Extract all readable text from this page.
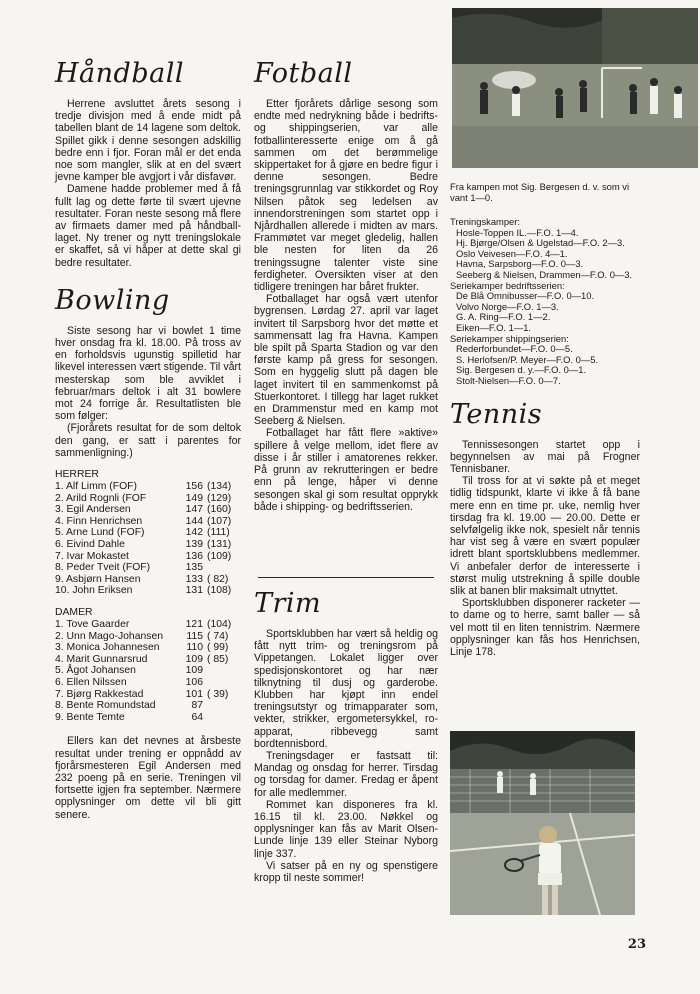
Håndball

Herrene avsluttet årets sesong i tredje divisjon med å ende midt på tabellen blant de 14 lagene som deltok. Spillet gikk i denne sesongen adskillig bedre enn i fjor. Foran mål er det enda noe som mangler, slik at en del svært jevne kamper ble avgjort i vår disfavør.

Damene hadde problemer med å få fullt lag og dette førte til svært ujevne resultater. Foran neste sesong må flere av firmaets damer med på håndball-laget. Ny trener og nytt treningslokale er skaffet, så vi håper at dette skal gi bedre resultater.

Bowling

Siste sesong har vi bowlet 1 time hver onsdag fra kl. 18.00. På tross av en forholdsvis ugunstig spilletid har likevel interessen vært stigende. Til vårt mesterskap som ble avviklet i februar/mars deltok i alt 31 bowlere mot 24 forrige år. Resultatlisten ble som følger:

(Fjorårets resultat for de som deltok den gang, er satt i parentes for sammenligning.)

HERRER
1. Alf Limm (FOF)	156	(134)
2. Arild Rognli (FOF	149	(129)
3. Egil Andersen	147	(160)
4. Finn Henrichsen	144	(107)
5. Arne Lund (FOF)	142	(111)
6. Eivind Dahle	139	(131)
7. Ivar Mokastet	136	(109)
8. Peder Tveit (FOF)	135	
9. Asbjørn Hansen	133	( 82)
10. John Eriksen	131	(108)
DAMER
1. Tove Gaarder	121	(104)
2. Unn Mago-Johansen	115	( 74)
3. Monica Johannesen	110	( 99)
4. Marit Gunnarsrud	109	( 85)
5. Ågot Johansen	109	
6. Ellen Nilssen	106	
7. Bjørg Rakkestad	101	( 39)
8. Bente Romundstad	87	
9. Bente Temte	64	

Ellers kan det nevnes at årsbeste resultat under trening er oppnådd av fjorårsmesteren Egil Andersen med 232 poeng på en serie. Treningen vil fortsette igjen fra september. Nærmere opplysninger om dette vil bli gitt senere.

Fotball

Etter fjorårets dårlige sesong som endte med nedrykning både i bedrifts- og shippingserien, var alle fotballinteresserte enige om å gå sammen om det berømmelige skippertaket for å gjøre en bedre figur i denne sesongen. Bedre treningsgrunnlag var stikkordet og Roy Nilsen påtok seg ledelsen av innendorstreningen som startet opp i Njårdhallen allerede i midten av mars. Frammøtet var meget gledelig, hallen ble nesten for liten da 26 treningssugne talenter viste sine ferdigheter. Oversikten viser at den tidligere treningen har båret frukter.

Fotballaget har også vært utenfor bygrensen. Lørdag 27. april var laget invitert til Sarpsborg hvor det møtte et sammensatt lag fra Havna. Kampen ble spilt på Sparta Stadion og var den første kamp på gress for sesongen. Som en hyggelig slutt på dagen ble laget invitert til en sammenkomst på Stuerkontoret. I tillegg har laget rukket en Drammenstur med en kamp mot Seeberg & Nielsen.

Fotballaget har fått flere »aktive» spillere å velge mellom, idet flere av disse i år stiller i amatorenes rekker. På grunn av rekrutteringen er bedre enn på lenge, håper vi denne sesongen skal gi som resultat opprykk både i shipping- og bedriftsserien.

Trim

Sportsklubben har vært så heldig og fått nytt trim- og treningsrom på Vippetangen. Lokalet ligger over spedisjonskontoret og har nær tilknytning til dusj og garderobe. Klubben har kjøpt inn endel treningsutstyr og trimapparater som, vekter, strikker, ergometersykkel, ro-apparat, ribbevegg samt bordtennisbord.

Treningsdager er fastsatt til: Mandag og onsdag for herrer. Tirsdag og torsdag for damer. Fredag er åpent for alle medlemmer.

Rommet kan disponeres fra kl. 16.15 til kl. 23.00. Nøkkel og opplysninger kan fås av Marit Olsen-Lunde linje 139 eller Steinar Nyborg linje 337.

Vi satser på en ny og spenstigere kropp til neste sommer!

Fra kampen mot Sig. Bergesen d. v. som vi vant 1—0.
Treningskamper:
Hosle-Toppen IL.—F.O. 1—4.
Hj. Bjørge/Olsen & Ugelstad—F.O. 2—3.
Oslo Veivesen—F.O. 4—1.
Havna, Sarpsborg—F.O. 0—3.
Seeberg & Nielsen, Drammen—F.O. 0—3.
Seriekamper bedriftsserien:
De Blå Omnibusser—F.O. 0—10.
Volvo Norge—F.O. 1—3.
G. A. Ring—F.O. 1—2.
Eiken—F.O. 1—1.
Seriekamper shippingserien:
Rederforbundet—F.O. 0—5.
S. Herlofsen/P. Meyer—F.O. 0—5.
Sig. Bergesen d. y.—F.O. 0—1.
Stolt-Nielsen—F.O. 0—7.
Tennis

Tennissesongen startet opp i begynnelsen av mai på Frogner Tennisbaner.

Til tross for at vi søkte på et meget tidlig tidspunkt, klarte vi ikke å få bane mere enn en time pr. uke, nemlig hver tirsdag fra kl. 19.00 — 20.00. Dette er selvfølgelig ikke nok, spesielt når tennis har vist seg å være en svært populær idrett blant sportsklubbens medlemmer. Vi anbefaler derfor de interesserte i størst mulig utstrekning å spille double slik at banen blir maksimalt utnyttet.

Sportsklubben disponerer racketer — to dame og to herre, samt baller — så vel mott til en liten tennistrim. Nærmere opplysninger kan fås hos Henrichsen, Linje 178.

23
